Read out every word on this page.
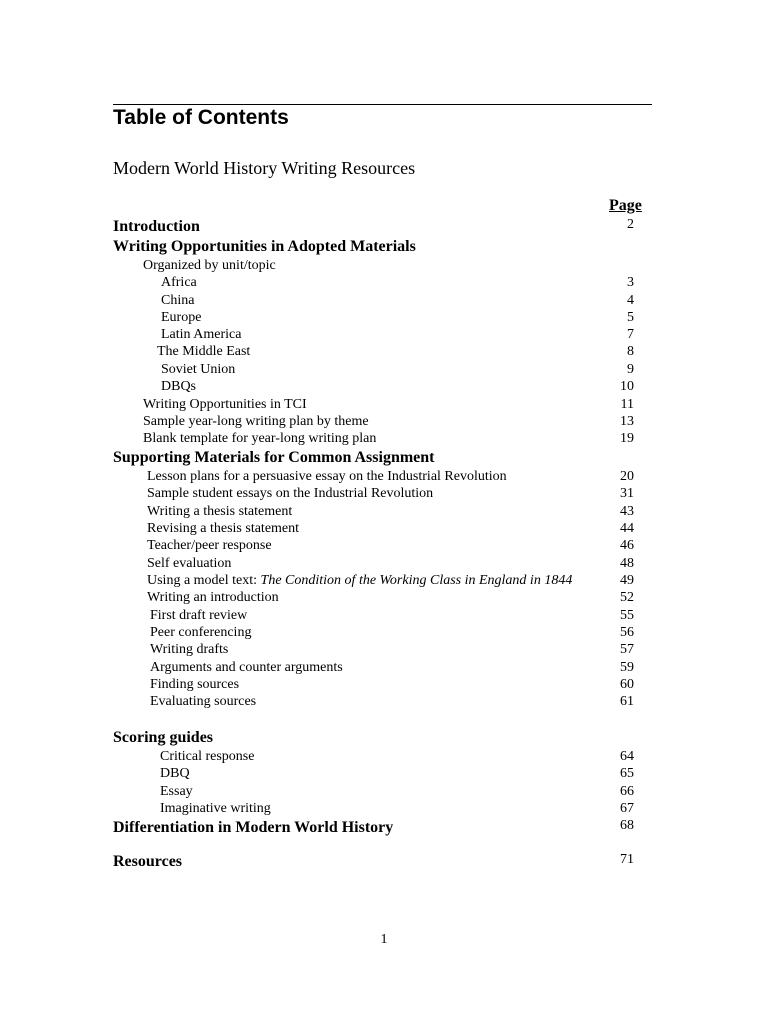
Table of Contents

Modern World History Writing Resources

Page

Introduction	2
Writing Opportunities in Adopted Materials
Organized by unit/topic
Africa	3
China	4
Europe	5
Latin America	7
The Middle East	8
Soviet Union	9
DBQs	10
Writing Opportunities in TCI	11
Sample year-long writing plan by theme	13
Blank template for year-long writing plan	19
Supporting Materials for Common Assignment
Lesson plans for a persuasive essay on the Industrial Revolution	20
Sample student essays on the Industrial Revolution	31
Writing a thesis statement	43
Revising a thesis statement	44
Teacher/peer response	46
Self evaluation	48
Using a model text: The Condition of the Working Class in England in 1844	49
Writing an introduction	52
First draft review	55
Peer conferencing	56
Writing drafts	57
Arguments and counter arguments	59
Finding sources	60
Evaluating sources	61
Scoring guides
Critical response	64
DBQ	65
Essay	66
Imaginative writing	67
Differentiation in Modern World History	68
Resources	71
1
